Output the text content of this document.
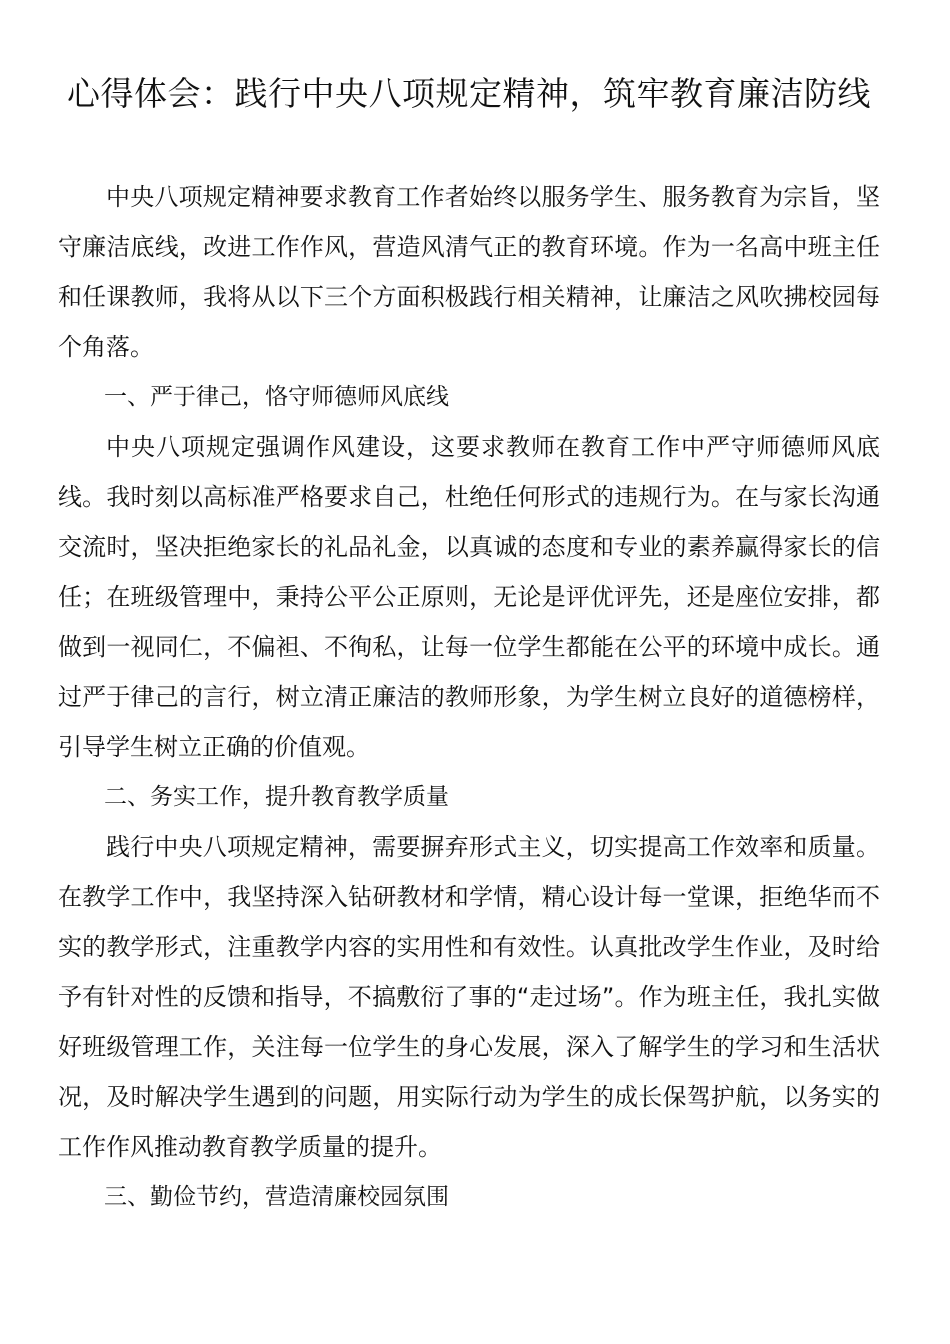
心得体会：践行中央八项规定精神，筑牢教育廉洁防线

中央八项规定精神要求教育工作者始终以服务学生、服务教育为宗旨，坚守廉洁底线，改进工作作风，营造风清气正的教育环境。作为一名高中班主任和任课教师，我将从以下三个方面积极践行相关精神，让廉洁之风吹拂校园每个角落。

一、严于律己，恪守师德师风底线

中央八项规定强调作风建设，这要求教师在教育工作中严守师德师风底线。我时刻以高标准严格要求自己，杜绝任何形式的违规行为。在与家长沟通交流时，坚决拒绝家长的礼品礼金，以真诚的态度和专业的素养赢得家长的信任；在班级管理中，秉持公平公正原则，无论是评优评先，还是座位安排，都做到一视同仁，不偏袒、不徇私，让每一位学生都能在公平的环境中成长。通过严于律己的言行，树立清正廉洁的教师形象，为学生树立良好的道德榜样，引导学生树立正确的价值观。

二、务实工作，提升教育教学质量

践行中央八项规定精神，需要摒弃形式主义，切实提高工作效率和质量。在教学工作中，我坚持深入钻研教材和学情，精心设计每一堂课，拒绝华而不实的教学形式，注重教学内容的实用性和有效性。认真批改学生作业，及时给予有针对性的反馈和指导，不搞敷衍了事的“走过场”。作为班主任，我扎实做好班级管理工作，关注每一位学生的身心发展，深入了解学生的学习和生活状况，及时解决学生遇到的问题，用实际行动为学生的成长保驾护航，以务实的工作作风推动教育教学质量的提升。

三、勤俭节约，营造清廉校园氛围
